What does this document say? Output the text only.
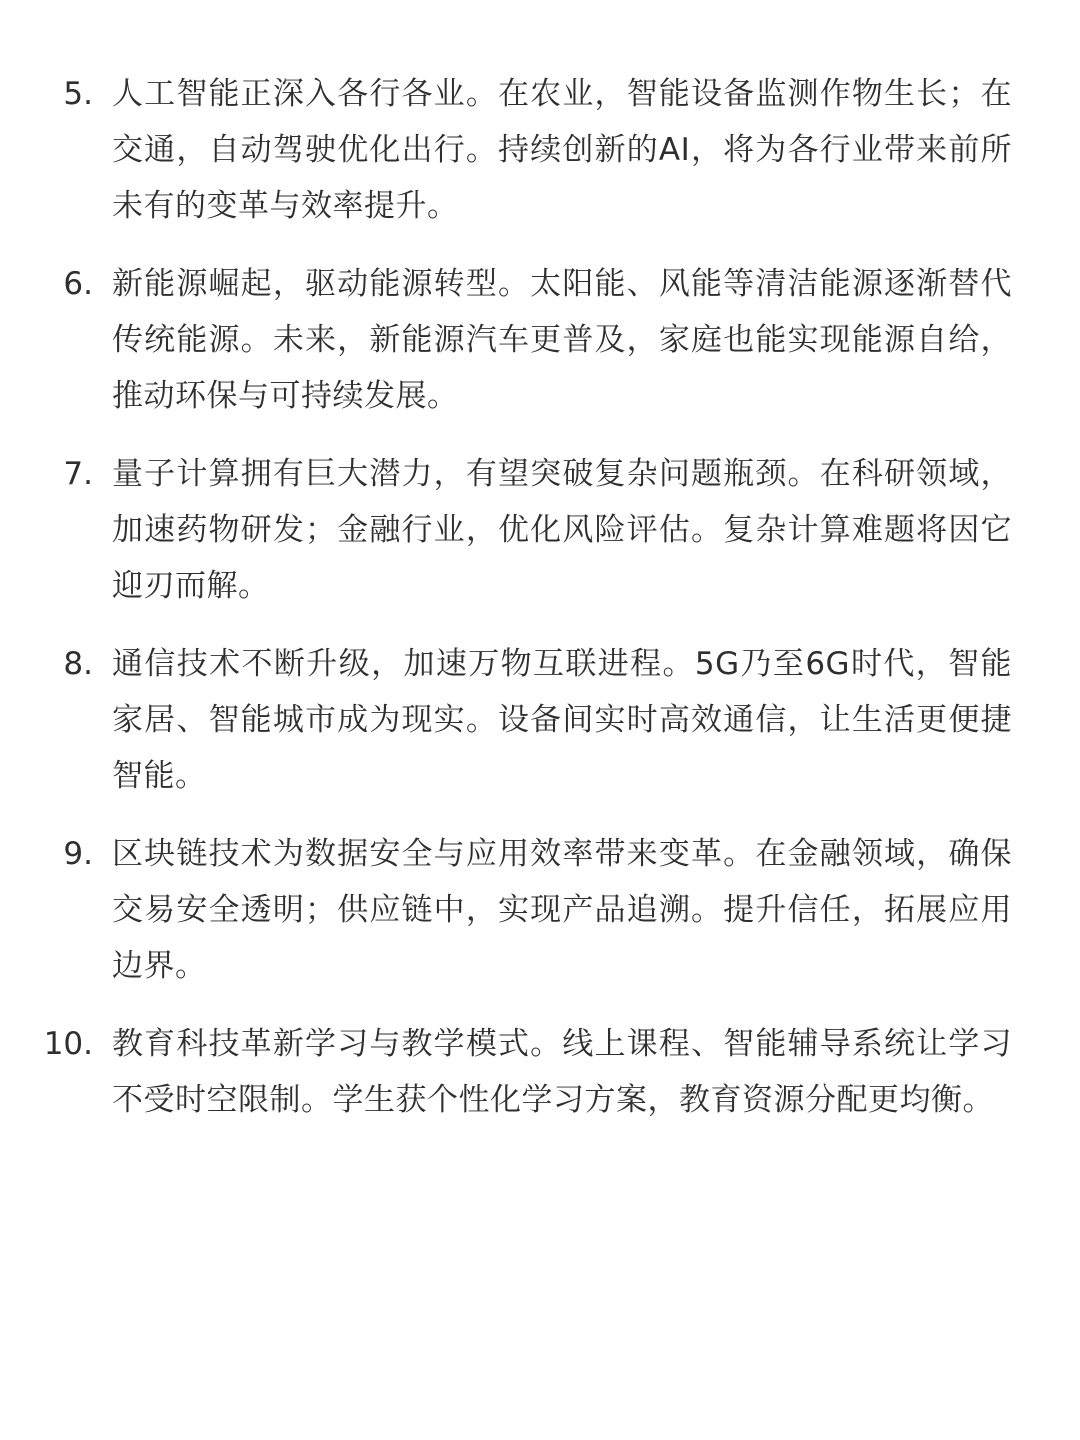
5. 人工智能正深入各行各业。在农业，智能设备监测作物生长；在交通，自动驾驶优化出行。持续创新的AI，将为各行业带来前所未有的变革与效率提升。
6. 新能源崛起，驱动能源转型。太阳能、风能等清洁能源逐渐替代传统能源。未来，新能源汽车更普及，家庭也能实现能源自给，推动环保与可持续发展。
7. 量子计算拥有巨大潜力，有望突破复杂问题瓶颈。在科研领域，加速药物研发；金融行业，优化风险评估。复杂计算难题将因它迎刃而解。
8. 通信技术不断升级，加速万物互联进程。5G乃至6G时代，智能家居、智能城市成为现实。设备间实时高效通信，让生活更便捷智能。
9. 区块链技术为数据安全与应用效率带来变革。在金融领域，确保交易安全透明；供应链中，实现产品追溯。提升信任，拓展应用边界。
10. 教育科技革新学习与教学模式。线上课程、智能辅导系统让学习不受时空限制。学生获个性化学习方案，教育资源分配更均衡。
